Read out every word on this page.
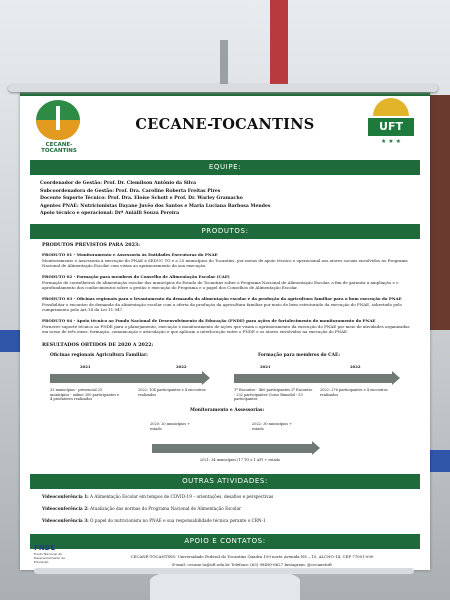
CECANE-TOCANTINS
CECANE-TOCANTINS	UFT
★ ★ ★
EQUIPE:
Coordenador de Gestão: Prof. Dr. Clemilson Antônio da Silva
Subcoordenadora de Gestão: Prof. Dra. Caroline Roberta Freitas Pires
Docente Suporte Técnico: Prof. Dra. Eloíse Schott e Prof. Dr. Warley Gramacho
Agentes PNAE: Nutricionistas Dayane Juvêo dos Santos e Maria Luciana Barbosa Mendes
Apoio técnico e operacional: Drª Aniálli Souza Pereira
PRODUTOS:
PRODUTOS PREVISTOS PARA 2023:
PRODUTO 01 - Monitoramento e Assessoria às Entidades Executoras do PNAE
Monitoramento e Assessoria à execução do PNAE à SEDUC TO e a 25 municípios do Tocantins, por meios de apoio técnico e operacional aos atores sociais envolvidos no Programa Nacional de Alimentação Escolar com vistas ao aprimoramento da sua execução.
PRODUTO 02 - Formação para membros do Conselho de Alimentação Escolar (CAE)
Formação de conselheiros de alimentação escolar dos municípios do Estado do Tocantins sobre o Programa Nacional de Alimentação Escolar, a fim de garantir a ampliação e o aprofundamento dos conhecimentos sobre a gestão e execução do Programa e o papel dos Conselhos de Alimentação Escolar.
PRODUTO 03 - Oficinas regionais para o levantamento da demanda da alimentação escolar e da produção da agricultura familiar para o bom execução do PNAE
Possibilitar o encontro de demanda da alimentação escolar com a oferta da produção da agricultura familiar por meio de bem estruturado da execução do PNAE, sobretudo pelo cumprimento pela Art.14 da Lei 11.947.
PRODUTO 04 - Apoio técnico ao Fundo Nacional de Desenvolvimento da Educação (FNDE) para ações de fortalecimento do monitoramento do PNAE
Fornecer suporte técnico ao FNDE para o planejamento, execução e monitoramento de ações que visam o aprimoramento da execução do PNAE por meio de atividades organizadas em torno de três eixos: formação, comunicação e articulação e que aplicam a interlocução entre o FNDE e os atores envolvidos na execução do PNAE.
RESULTADOS OBTIDOS DE 2020 A 2022:
Oficinas regionais Agricultura Familiar:
2021	2022
33 municípios - presencial 25 municípios - online 300 participantes e 4 produtores realizados
2022: 104 participantes e 4 encontros realizados
Formação para membros do CAE:
2021	2022
1º Encontro - 460 participantes 2º Encontro - 232 participantes Curso Bimodal - 53 participantes
2022: 276 participantes e 4 encontros realizados
Monitoramento e Assessorias:
2020: 20 municípios + estado
2022: 30 municípios + estado
2021: 34 municípios (17 TO e 1 AP) + estado
OUTRAS ATIVIDADES:
Videoconferência 1: A Alimentação Escolar em tempos de COVID-19 – orientações, desafios e perspectivas
Videoconferência 2: Atualização das normas do Programa Nacional de Alimentação Escolar
Videoconferência 3: O papel do nutricionista no PNAE e sua responsabilidade técnica perante o CRN-1
APOIO E CONTATOS:
FNDE
Fundo Nacional de Desenvolvimento da Educação
CECANE-TOCANTINS: Universidade Federal do Tocantins Quadra 109 norte Avenida NS – 15, ALCNO-14, CEP 77001-090
E-mail: cecane.to@uft.edu.br Telefone: (63) 98490-6627 Instagram: @cecanetuft
